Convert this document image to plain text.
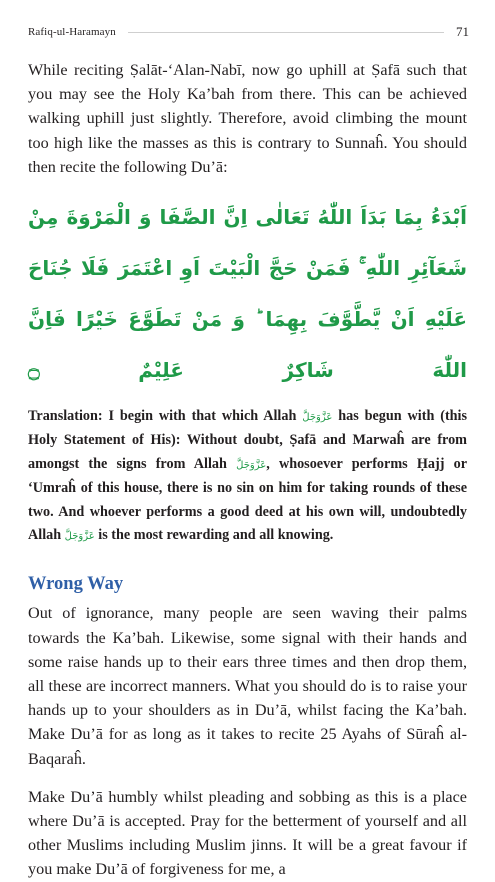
Rafiq-ul-Haramayn	71

While reciting Ṣalāt-‘Alan-Nabī, now go uphill at Ṣafā such that you may see the Holy Ka’bah from there. This can be achieved walking uphill just slightly. Therefore, avoid climbing the mount too high like the masses as this is contrary to Sunnaĥ. You should then recite the following Du’ā:

اَبْدَءُ بِمَا بَدَاَ اللّٰهُ تَعَالٰى اِنَّ الصَّفَا وَ الْمَرْوَةَ مِنْ شَعَآئِرِ اللّٰهِ ۚ فَمَنْ حَجَّ الْبَيْتَ اَوِ اعْتَمَرَ فَلَا جُنَاحَ عَلَيْهِ اَنْ يَّطَّوَّفَ بِهِمَا ؕ وَ مَنْ تَطَوَّعَ خَيْرًا فَاِنَّ اللّٰهَ شَاكِرٌ عَلِيْمٌ ۝

Translation: I begin with that which Allah عَزَّوَجَلَّ has begun with (this Holy Statement of His): Without doubt, Ṣafā and Marwaĥ are from amongst the signs from Allah عَزَّوَجَلَّ, whosoever performs Ḥajj or ‘Umraĥ of this house, there is no sin on him for taking rounds of these two. And whoever performs a good deed at his own will, undoubtedly Allah عَزَّوَجَلَّ is the most rewarding and all knowing.

Wrong Way

Out of ignorance, many people are seen waving their palms towards the Ka’bah. Likewise, some signal with their hands and some raise hands up to their ears three times and then drop them, all these are incorrect manners. What you should do is to raise your hands up to your shoulders as in Du’ā, whilst facing the Ka’bah. Make Du’ā for as long as it takes to recite 25 Ayahs of Sūraĥ al-Baqaraĥ.

Make Du’ā humbly whilst pleading and sobbing as this is a place where Du’ā is accepted. Pray for the betterment of yourself and all other Muslims including Muslim jinns. It will be a great favour if you make Du’ā of forgiveness for me, a
